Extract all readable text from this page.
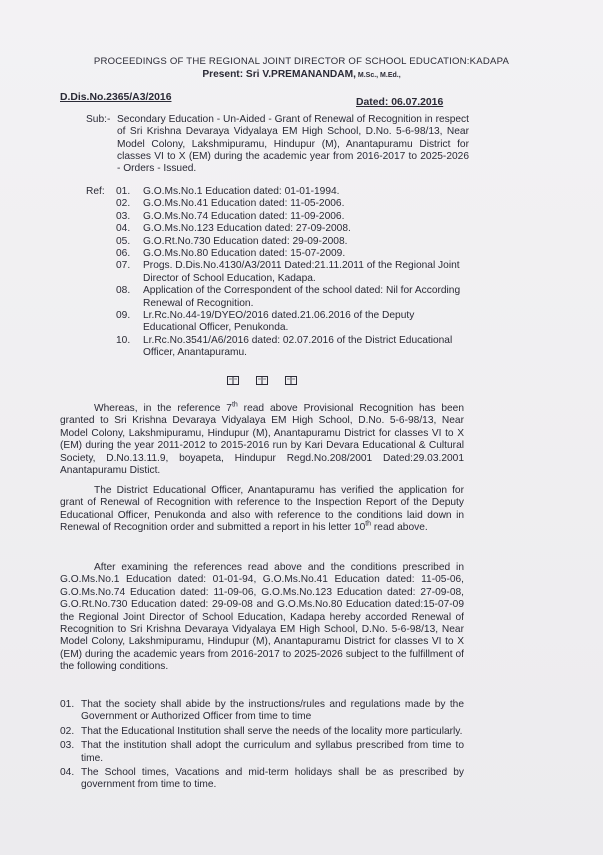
PROCEEDINGS OF THE REGIONAL JOINT DIRECTOR OF SCHOOL EDUCATION:KADAPA
Present: Sri V.PREMANANDAM, M.Sc., M.Ed.,
D.Dis.No.2365/A3/2016	Dated: 06.07.2016
Sub:- Secondary Education - Un-Aided - Grant of Renewal of Recognition in respect of Sri Krishna Devaraya Vidyalaya EM High School, D.No. 5-6-98/13, Near Model Colony, Lakshmipuramu, Hindupur (M), Anantapuramu District for classes VI to X (EM) during the academic year from 2016-2017 to 2025-2026 - Orders - Issued.
Ref: 01. G.O.Ms.No.1 Education dated: 01-01-1994.
02. G.O.Ms.No.41 Education dated: 11-05-2006.
03. G.O.Ms.No.74 Education dated: 11-09-2006.
04. G.O.Ms.No.123 Education dated: 27-09-2008.
05. G.O.Rt.No.730 Education dated: 29-09-2008.
06. G.O.Ms.No.80 Education dated: 15-07-2009.
07. Progs. D.Dis.No.4130/A3/2011 Dated:21.11.2011 of the Regional Joint Director of School Education, Kadapa.
08. Application of the Correspondent of the school dated: Nil for According Renewal of Recognition.
09. Lr.Rc.No.44-19/DYEO/2016 dated.21.06.2016 of the Deputy Educational Officer, Penukonda.
10. Lr.Rc.No.3541/A6/2016 dated: 02.07.2016 of the District Educational Officer, Anantapuramu.

Whereas, in the reference 7th read above Provisional Recognition has been granted to Sri Krishna Devaraya Vidyalaya EM High School, D.No. 5-6-98/13, Near Model Colony, Lakshmipuramu, Hindupur (M), Anantapuramu District for classes VI to X (EM) during the year 2011-2012 to 2015-2016 run by Kari Devara Educational & Cultural Society, D.No.13.11.9, boyapeta, Hindupur Regd.No.208/2001 Dated:29.03.2001 Anantapuramu Distict.

The District Educational Officer, Anantapuramu has verified the application for grant of Renewal of Recognition with reference to the Inspection Report of the Deputy Educational Officer, Penukonda and also with reference to the conditions laid down in Renewal of Recognition order and submitted a report in his letter 10th read above.

After examining the references read above and the conditions prescribed in G.O.Ms.No.1 Education dated: 01-01-94, G.O.Ms.No.41 Education dated: 11-05-06, G.O.Ms.No.74 Education dated: 11-09-06, G.O.Ms.No.123 Education dated: 27-09-08, G.O.Rt.No.730 Education dated: 29-09-08 and G.O.Ms.No.80 Education dated:15-07-09 the Regional Joint Director of School Education, Kadapa hereby accorded Renewal of Recognition to Sri Krishna Devaraya Vidyalaya EM High School, D.No. 5-6-98/13, Near Model Colony, Lakshmipuramu, Hindupur (M), Anantapuramu District for classes VI to X (EM) during the academic years from 2016-2017 to 2025-2026 subject to the fulfillment of the following conditions.

01. That the society shall abide by the instructions/rules and regulations made by the Government or Authorized Officer from time to time
02. That the Educational Institution shall serve the needs of the locality more particularly.
03. That the institution shall adopt the curriculum and syllabus prescribed from time to time.
04. The School times, Vacations and mid-term holidays shall be as prescribed by government from time to time.
